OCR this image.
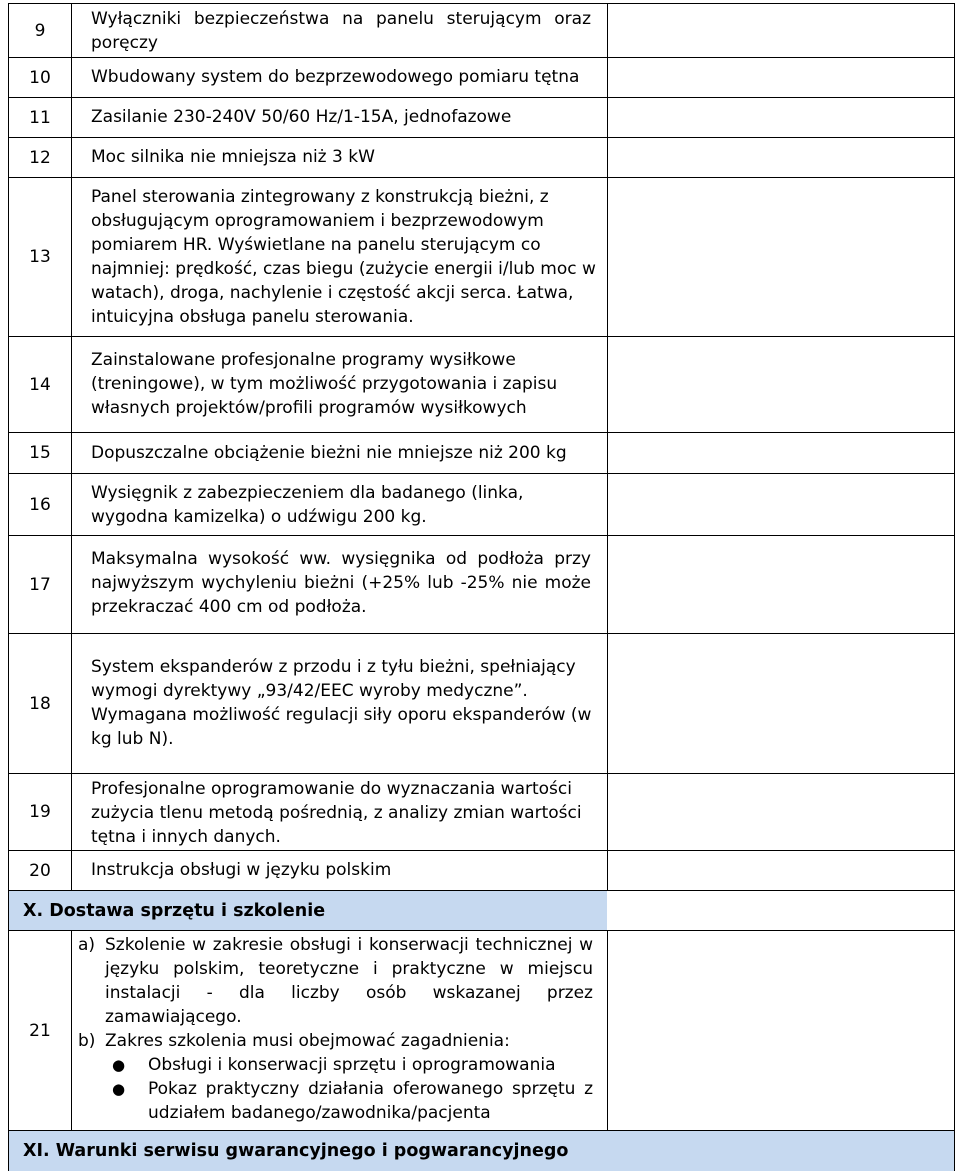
X. Dostawa sprzętu i szkolenie
9
Wyłączniki bezpieczeństwa na panelu sterującym oraz poręczy
10 Wbudowany system do bezprzewodowego pomiaru tętna
11 Zasilanie 230-240V 50/60 Hz/1-15A, jednofazowe
12 Moc silnika nie mniejsza niż 3 kW
13
Panel sterowania zintegrowany z konstrukcją bieżni, z obsługującym oprogramowaniem i bezprzewodowym pomiarem HR. Wyświetlane na panelu sterującym co najmniej: prędkość, czas biegu (zużycie energii i/lub moc w watach), droga, nachylenie i częstość akcji serca. Łatwa, intuicyjna obsługa panelu sterowania.
14
Zainstalowane profesjonalne programy wysiłkowe (treningowe), w tym możliwość przygotowania i zapisu własnych projektów/profili programów wysiłkowych
15 Dopuszczalne obciążenie bieżni nie mniejsze niż 200 kg
16
Wysięgnik z zabezpieczeniem dla badanego (linka, wygodna kamizelka) o udźwigu 200 kg.
17
Maksymalna wysokość ww. wysięgnika od podłoża przy najwyższym wychyleniu bieżni (+25% lub -25% nie może przekraczać 400 cm od podłoża.
18
System ekspanderów z przodu i z tyłu bieżni, spełniający wymogi dyrektywy „93/42/EEC wyroby medyczne”. Wymagana możliwość regulacji siły oporu ekspanderów (w kg lub N).
19
Profesjonalne oprogramowanie do wyznaczania wartości zużycia tlenu metodą pośrednią, z analizy zmian wartości tętna i innych danych.
20 Instrukcja obsługi w języku polskim
21
a) Szkolenie w zakresie obsługi i konserwacji technicznej w języku polskim, teoretyczne i praktyczne w miejscu instalacji - dla liczby osób wskazanej przez zamawiającego.
b) Zakres szkolenia musi obejmować zagadnienia:
●	Obsługi i konserwacji sprzętu i oprogramowania
●	Pokaz praktyczny działania oferowanego sprzętu z udziałem badanego/zawodnika/pacjenta
XI. Warunki serwisu gwarancyjnego i pogwarancyjnego
